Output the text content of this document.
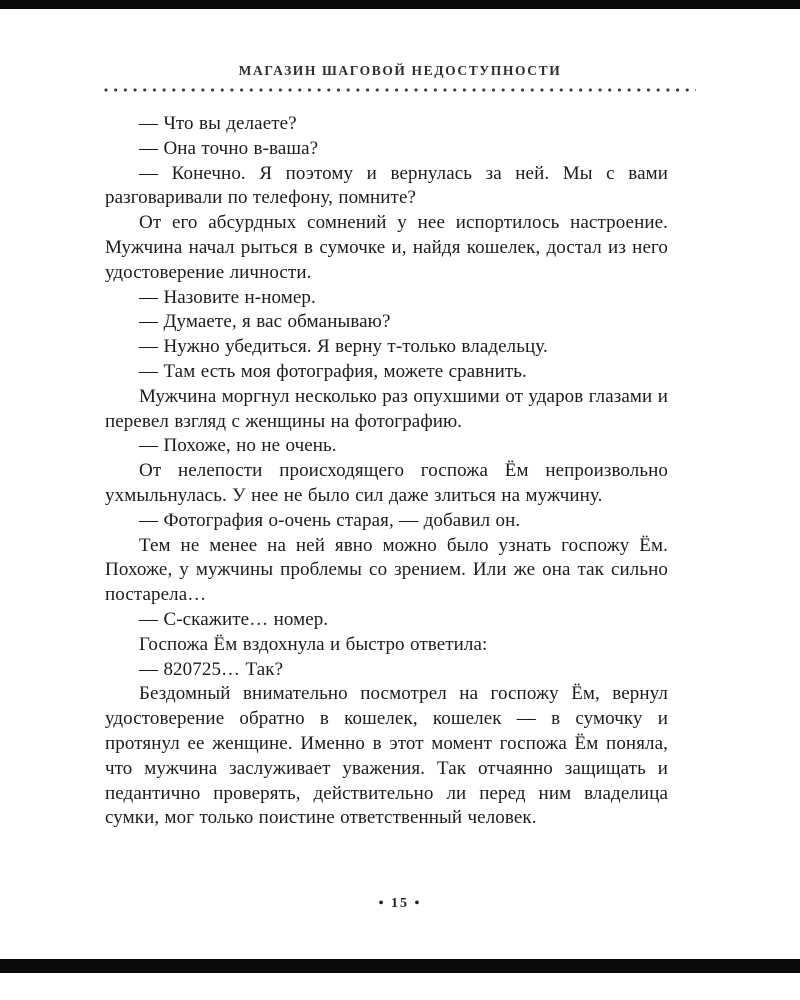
МАГАЗИН ШАГОВОЙ НЕДОСТУПНОСТИ

— Что вы делаете?

— Она точно в-ваша?

— Конечно. Я поэтому и вернулась за ней. Мы с вами разговаривали по телефону, помните?

От его абсурдных сомнений у нее испортилось настроение. Мужчина начал рыться в сумочке и, найдя кошелек, достал из него удостоверение личности.

— Назовите н-номер.

— Думаете, я вас обманываю?

— Нужно убедиться. Я верну т-только владельцу.

— Там есть моя фотография, можете сравнить.

Мужчина моргнул несколько раз опухшими от ударов глазами и перевел взгляд с женщины на фотографию.

— Похоже, но не очень.

От нелепости происходящего госпожа Ём непроизвольно ухмыльнулась. У нее не было сил даже злиться на мужчину.

— Фотография о-очень старая, — добавил он.

Тем не менее на ней явно можно было узнать госпожу Ём. Похоже, у мужчины проблемы со зрением. Или же она так сильно постарела…

— С-скажите… номер.

Госпожа Ём вздохнула и быстро ответила:

— 820725… Так?

Бездомный внимательно посмотрел на госпожу Ём, вернул удостоверение обратно в кошелек, кошелек — в сумочку и протянул ее женщине. Именно в этот момент госпожа Ём поняла, что мужчина заслуживает уважения. Так отчаянно защищать и педантично проверять, действительно ли перед ним владелица сумки, мог только поистине ответственный человек.

• 15 •
